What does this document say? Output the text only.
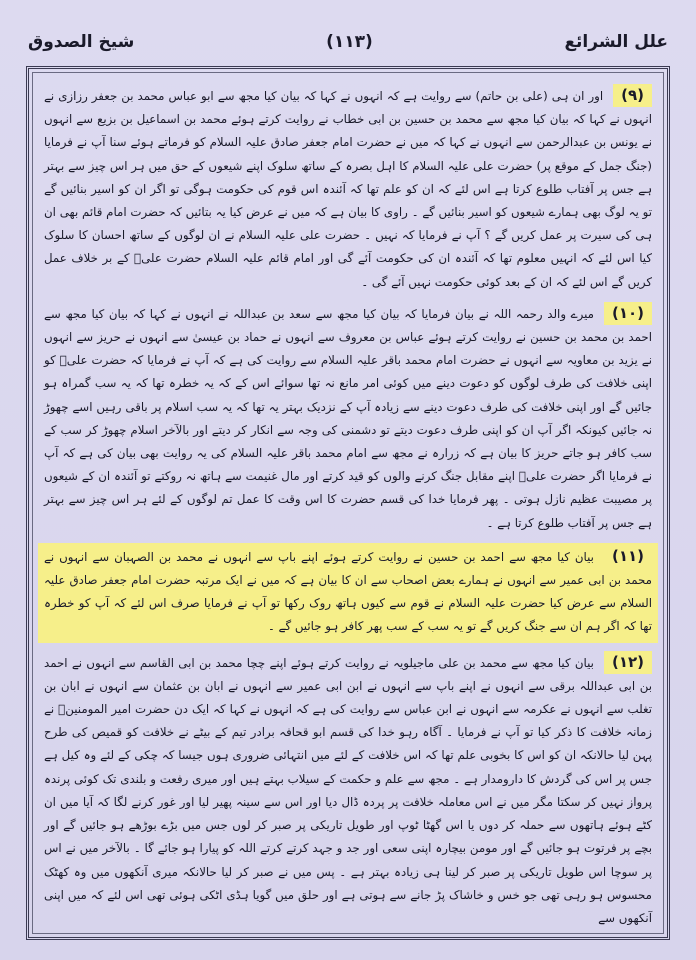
علل الشرائع
(١١٣)
شيخ الصدوق

(٩)اور ان ہی (علی بن حاتم) سے روایت ہے کہ انہوں نے کہا کہ بیان کیا مجھ سے ابو عباس محمد بن جعفر رزازی نے انہوں نے کہا کہ بیان کیا مجھ سے محمد بن حسین بن ابی خطاب نے روایت کرتے ہوئے محمد بن اسماعیل بن بزیع سے انہوں نے یونس بن عبدالرحمن سے انہوں نے کہا کہ میں نے حضرت امام جعفر صادق علیہ السلام کو فرماتے ہوئے سنا آپ نے فرمایا (جنگ جمل کے موقع پر) حضرت علی علیہ السلام کا اہل بصرہ کے ساتھ سلوک اپنے شیعوں کے حق میں ہر اس چیز سے بہتر ہے جس پر آفتاب طلوع کرتا ہے اس لئے کہ ان کو علم تھا کہ آئندہ اس قوم کی حکومت ہوگی تو اگر ان کو اسیر بنائیں گے تو یہ لوگ بھی ہمارے شیعوں کو اسیر بنائیں گے ۔ راوی کا بیان ہے کہ میں نے عرض کیا یہ بتائیں کہ حضرت امام قائم بھی ان ہی کی سیرت پر عمل کریں گے ؟ آپ نے فرمایا کہ نہیں ۔ حضرت علی علیہ السلام نے ان لوگوں کے ساتھ احسان کا سلوک کیا اس لئے کہ انہیں معلوم تھا کہ آئندہ ان کی حکومت آئے گی اور امام قائم علیہ السلام حضرت علیؑ کے بر خلاف عمل کریں گے اس لئے کہ ان کے بعد کوئی حکومت نہیں آئے گی ۔

(١٠)میرے والد رحمہ اللہ نے بیان فرمایا کہ بیان کیا مجھ سے سعد بن عبداللہ نے انہوں نے کہا کہ بیان کیا مجھ سے احمد بن محمد بن حسین نے روایت کرتے ہوئے عباس بن معروف سے انہوں نے حماد بن عیسیٰ سے انہوں نے حریز سے انہوں نے یزید بن معاویہ سے انہوں نے حضرت امام محمد باقر علیہ السلام سے روایت کی ہے کہ آپ نے فرمایا کہ حضرت علیؑ کو اپنی خلافت کی طرف لوگوں کو دعوت دینے میں کوئی امر مانع نہ تھا سوائے اس کے کہ یہ خطرہ تھا کہ یہ سب گمراہ ہو جائیں گے اور اپنی خلافت کی طرف دعوت دینے سے زیادہ آپ کے نزدیک بہتر یہ تھا کہ یہ سب اسلام پر باقی رہیں اسے چھوڑ نہ جائیں کیونکہ اگر آپ ان کو اپنی طرف دعوت دیتے تو دشمنی کی وجہ سے انکار کر دیتے اور بالآخر اسلام چھوڑ کر سب کے سب کافر ہو جاتے حریز کا بیان ہے کہ زرارہ نے مجھ سے امام محمد باقر علیہ السلام کی یہ روایت بھی بیان کی ہے کہ آپ نے فرمایا اگر حضرت علیؑ اپنے مقابل جنگ کرنے والوں کو قید کرتے اور مال غنیمت سے ہاتھ نہ روکتے تو آئندہ ان کے شیعوں پر مصیبت عظیم نازل ہوتی ۔ پھر فرمایا خدا کی قسم حضرت کا اس وقت کا عمل تم لوگوں کے لئے ہر اس چیز سے بہتر ہے جس پر آفتاب طلوع کرتا ہے ۔

(١١)بیان کیا مجھ سے احمد بن حسین نے روایت کرتے ہوئے اپنے باپ سے انہوں نے محمد بن الصہبان سے انہوں نے محمد بن ابی عمیر سے انہوں نے ہمارے بعض اصحاب سے ان کا بیان ہے کہ میں نے ایک مرتبہ حضرت امام جعفر صادق علیہ السلام سے عرض کیا حضرت علیہ السلام نے قوم سے کیوں ہاتھ روک رکھا تو آپ نے فرمایا صرف اس لئے کہ آپ کو خطرہ تھا کہ اگر ہم ان سے جنگ کریں گے تو یہ سب کے سب پھر کافر ہو جائیں گے ۔

(١٢)بیان کیا مجھ سے محمد بن علی ماجیلویہ نے روایت کرتے ہوئے اپنے چچا محمد بن ابی القاسم سے انہوں نے احمد بن ابی عبداللہ برقی سے انہوں نے اپنے باپ سے انہوں نے ابن ابی عمیر سے انہوں نے ابان بن عثمان سے انہوں نے ابان بن تغلب سے انہوں نے عکرمہ سے انہوں نے ابن عباس سے روایت کی ہے کہ انہوں نے کہا کہ ایک دن حضرت امیر المومنینؑ نے زمانہ خلافت کا ذکر کیا تو آپ نے فرمایا ۔ آگاہ رہو خدا کی قسم ابو قحافہ برادر تیم کے بیٹے نے خلافت کو قمیص کی طرح پہن لیا حالانکہ ان کو اس کا بخوبی علم تھا کہ اس خلافت کے لئے میں انتہائی ضروری ہوں جیسا کہ چکی کے لئے وہ کیل ہے جس پر اس کی گردش کا دارومدار ہے ۔ مجھ سے علم و حکمت کے سیلاب بہتے ہیں اور میری رفعت و بلندی تک کوئی پرندہ پرواز نہیں کر سکتا مگر میں نے اس معاملہ خلافت پر پردہ ڈال دیا اور اس سے سینہ پھیر لیا اور غور کرنے لگا کہ آیا میں ان کٹے ہوئے ہاتھوں سے حملہ کر دوں یا اس گھٹا ٹوپ اور طویل تاریکی پر صبر کر لوں جس میں بڑے بوڑھے ہو جائیں گے اور بچے پر فرتوت ہو جائیں گے اور مومن بیچارہ اپنی سعی اور جد و جہد کرتے کرتے اللہ کو پیارا ہو جائے گا ۔ بالآخر میں نے اس پر سوچا اس طویل تاریکی پر صبر کر لینا ہی زیادہ بہتر ہے ۔ پس میں نے صبر کر لیا حالانکہ میری آنکھوں میں وہ کھٹک محسوس ہو رہی تھی جو خس و خاشاک پڑ جانے سے ہوتی ہے اور حلق میں گویا ہڈی اٹکی ہوئی تھی اس لئے کہ میں اپنی آنکھوں سے
